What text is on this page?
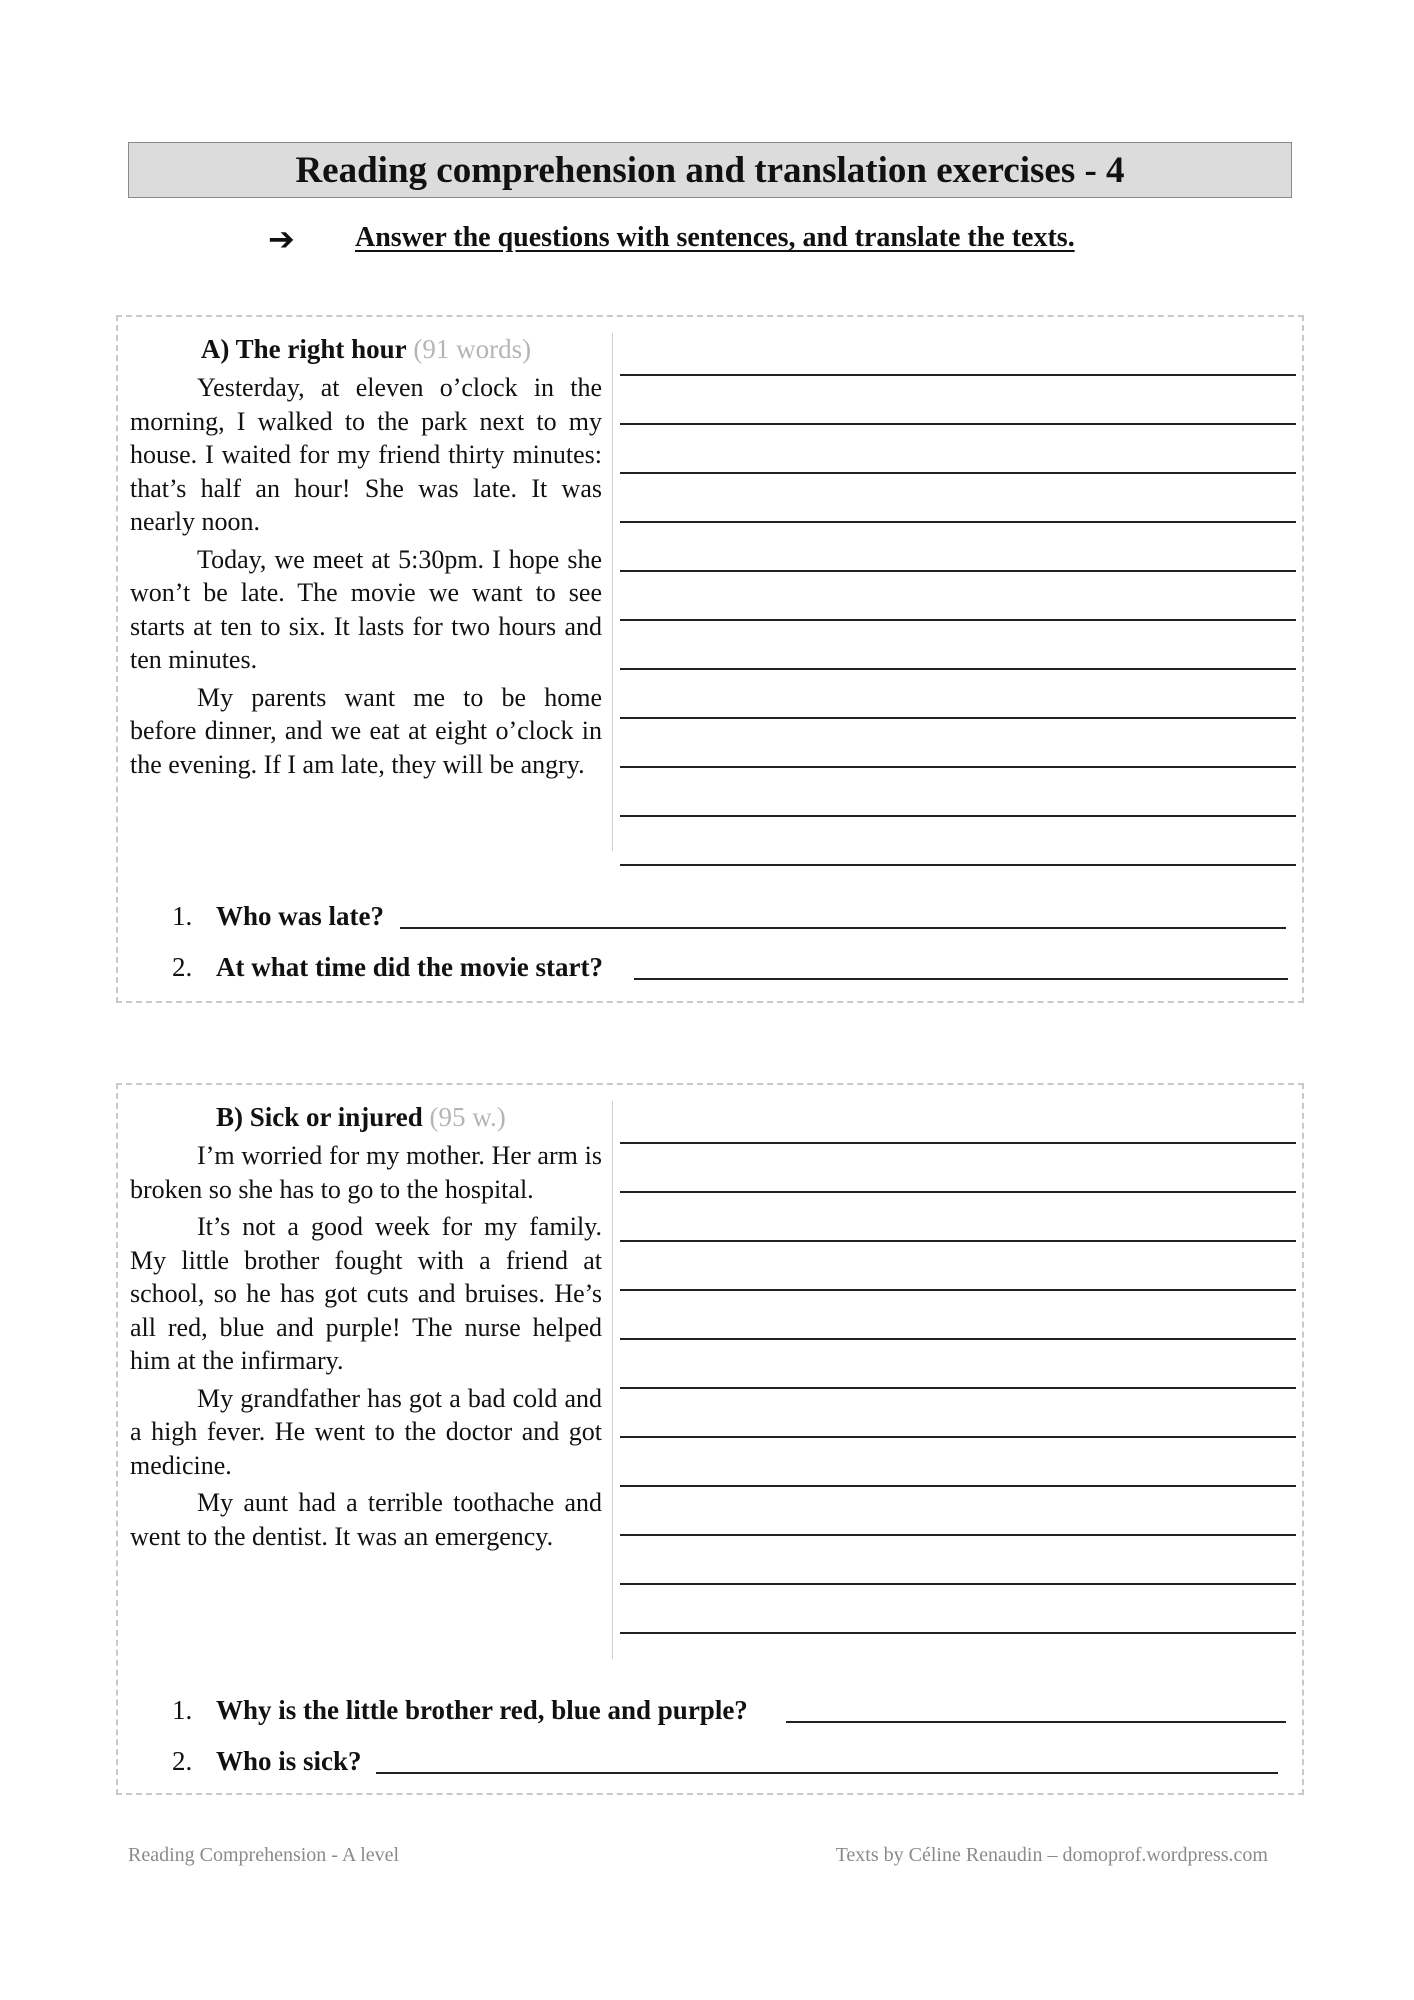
Reading comprehension and translation exercises - 4
➔ Answer the questions with sentences, and translate the texts.
A) The right hour (91 words)

Yesterday, at eleven o’clock in the morning, I walked to the park next to my house. I waited for my friend thirty minutes: that’s half an hour! She was late. It was nearly noon.

Today, we meet at 5:30pm. I hope she won’t be late. The movie we want to see starts at ten to six. It lasts for two hours and ten minutes.

My parents want me to be home before dinner, and we eat at eight o’clock in the evening. If I am late, they will be angry.

1. Who was late?
2. At what time did the movie start?
B) Sick or injured (95 w.)

I’m worried for my mother. Her arm is broken so she has to go to the hospital.

It’s not a good week for my family. My little brother fought with a friend at school, so he has got cuts and bruises. He’s all red, blue and purple! The nurse helped him at the infirmary.

My grandfather has got a bad cold and a high fever. He went to the doctor and got medicine.

My aunt had a terrible toothache and went to the dentist. It was an emergency.

1. Why is the little brother red, blue and purple?
2. Who is sick?
Reading Comprehension - A level	Texts by Céline Renaudin – domoprof.wordpress.com
